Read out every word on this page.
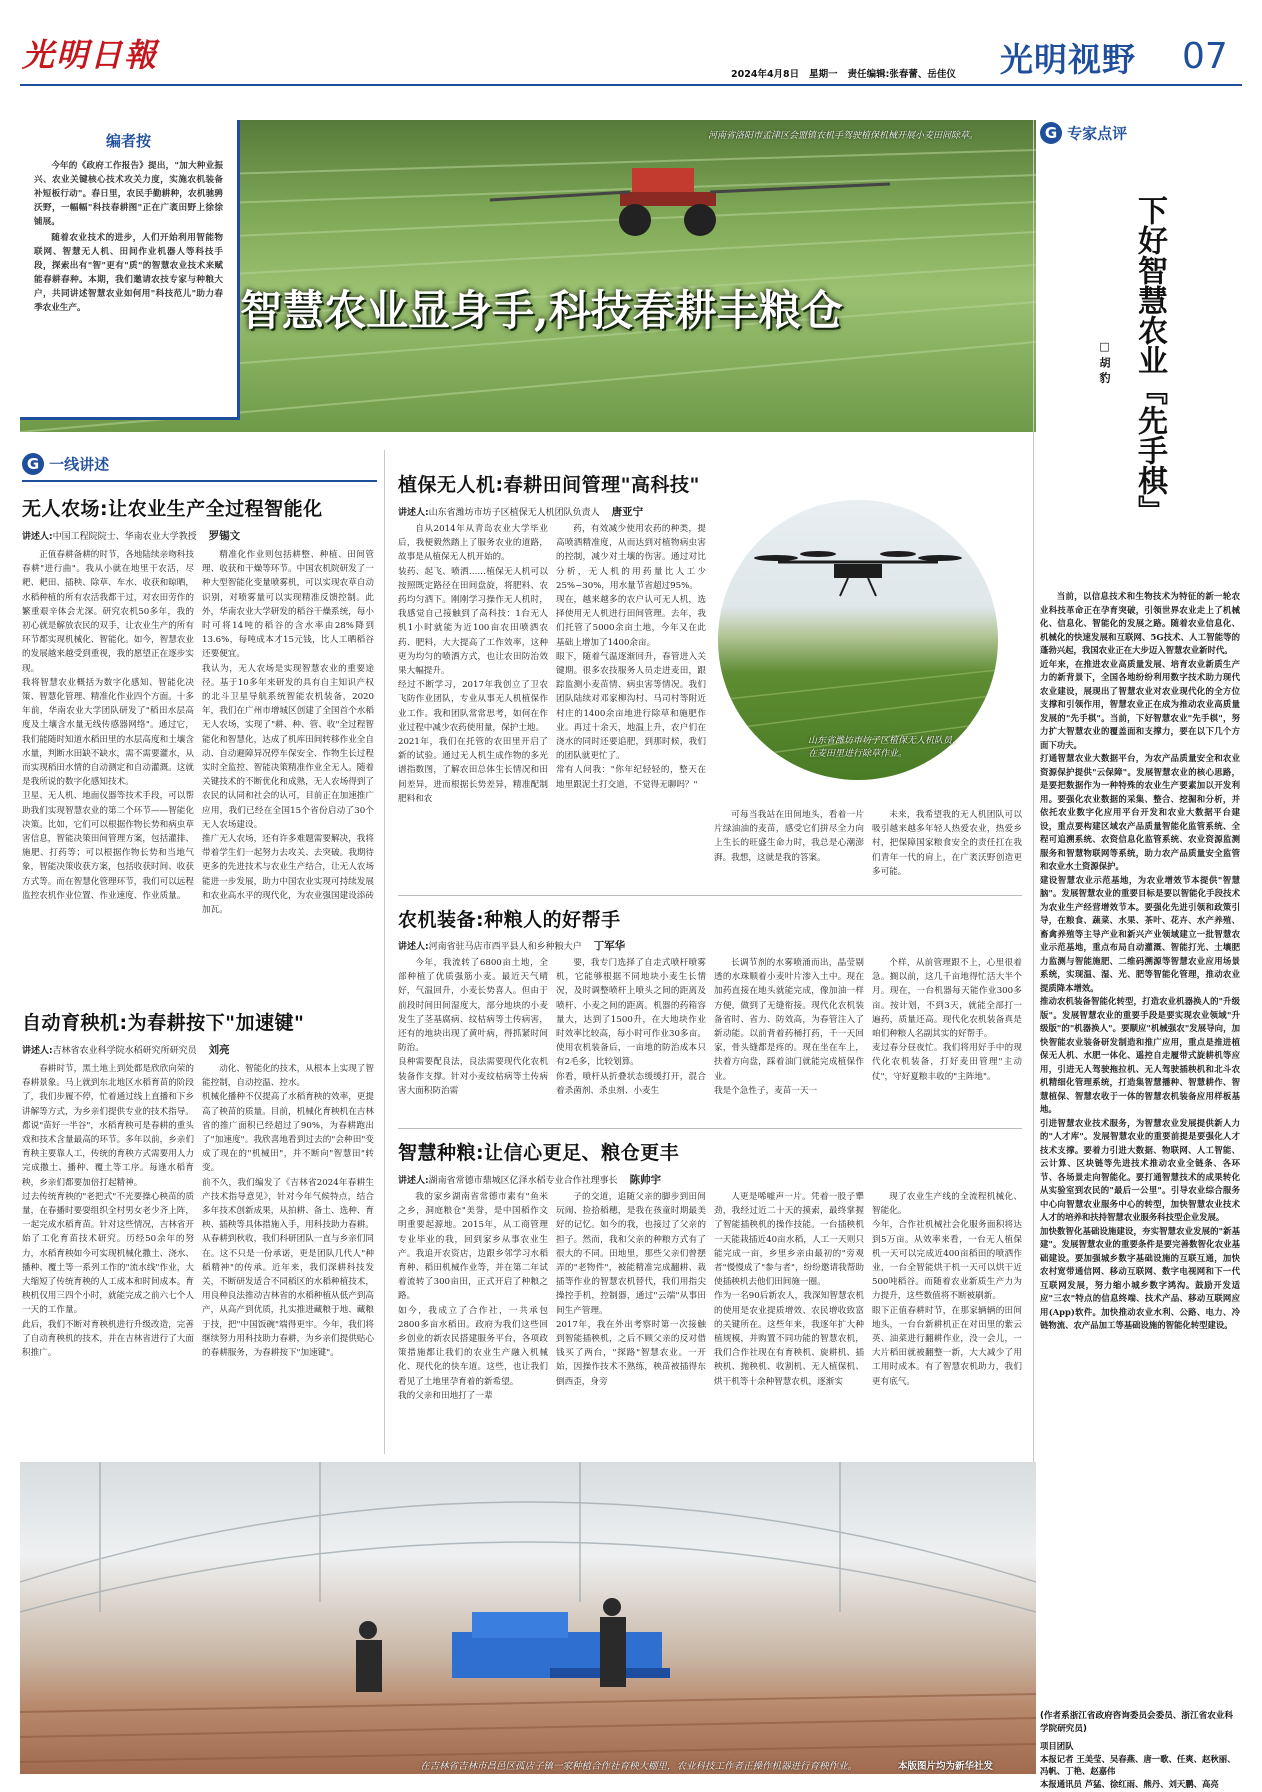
光明日報
2024年4月8日 星期一 责任编辑:张春蕾、岳佳仪 光明视野 07
河南省洛阳市孟津区会盟镇农机手驾驶植保机械开展小麦田间除草。
智慧农业显身手,科技春耕丰粮仓
编者按
今年的《政府工作报告》提出，"加大种业振兴、农业关键核心技术攻关力度，实施农机装备补短板行动"。春日里，农民手勤耕种，农机驰骋沃野，一幅幅"科技春耕图"正在广袤田野上徐徐铺展。
随着农业技术的进步，人们开始利用智能物联网、智慧无人机、田间作业机器人等科技手段，探索出有"智"更有"质"的智慧农业技术来赋能春耕春种。本期，我们邀请农技专家与种粮大户，共同讲述智慧农业如何用"科技范儿"助力春季农业生产。
G 专家点评
下好智慧农业『先手棋』
□ 胡 豹
当前，以信息技术和生物技术为特征的新一轮农业科技革命正在孕育突破，引领世界农业走上了机械化、信息化、智能化的发展之路。随着农业信息化、机械化的快速发展和互联网、5G技术、人工智能等的蓬勃兴起，我国农业正在大步迈入智慧农业新时代。
近年来，在推进农业高质量发展、培育农业新质生产力的新背景下，全国各地纷纷利用数字技术助力现代农业建设，展现出了智慧农业对农业现代化的全方位支撑和引领作用，智慧农业正在成为推动农业高质量发展的"先手棋"。当前，下好智慧农业"先手棋"，努力扩大智慧农业的覆盖面和支撑力，要在以下几个方面下功夫。
打通智慧农业大数据平台，为农产品质量安全和农业资源保护提供"云保障"。发展智慧农业的核心思路，是要把数据作为一种特殊的农业生产要素加以开发利用。要强化农业数据的采集、整合、挖掘和分析，并依托农业数字化应用平台开发和农业大数据平台建设，重点要构建区域农产品质量智能化监管系统、全程可追溯系统、农资信息化监管系统、农业资源监测服务和智慧物联网等系统，助力农产品质量安全监管和农业水土资源保护。
建设智慧农业示范基地，为农业增效节本提供"智慧脑"。发展智慧农业的重要目标是要以智能化手段技术为农业生产经营增效节本。要强化先进引领和政策引导，在粮食、蔬菜、水果、茶叶、花卉、水产养殖、畜禽养殖等主导产业和新兴产业领域建立一批智慧农业示范基地，重点布局自动灌溉、智能打光、土壤肥力监测与智能施肥、二维码溯源等智慧农业应用场景系统，实现温、湿、光、肥等智能化管理，推动农业提质降本增效。
推动农机装备智能化转型，打造农业机器换人的"升级版"。发展智慧农业的重要手段是要实现农业领域"升级版"的"机器换人"。要顺应"机械强农"发展导向，加快智能农业装备研发制造和推广应用，重点是推进植保无人机、水肥一体化、遥控自走履带式旋耕机等应用，引进无人驾驶拖拉机、无人驾驶插秧机和北斗农机精细化管理系统，打造集智慧播种、智慧耕作、智慧植保、智慧农收于一体的智慧农机装备应用样板基地。
引进智慧农业技术服务，为智慧农业发展提供新人力的"人才库"。发展智慧农业的重要前提是要强化人才技术支撑。要着力引进大数据、物联网、人工智能、云计算、区块链等先进技术推动农业全链条、各环节、各场景走向智能化。要打通智慧技术的成果转化从实验室到农民的"最后一公里"。引导农业综合服务中心向智慧农业服务中心的转型，加快智慧农业技术人才的培养和扶持智慧农业服务科技型企业发展。
加快数智化基础设施建设，夯实智慧农业发展的"新基建"。发展智慧农业的重要条件是要完善数智化农业基础建设。要加强城乡数字基础设施的互联互通，加快农村宽带通信网、移动互联网、数字电视网和下一代互联网发展，努力缩小城乡数字鸿沟。鼓励开发适应"三农"特点的信息终端、技术产品、移动互联网应用(App)软件。加快推动农业水利、公路、电力、冷链物流、农产品加工等基础设施的智能化转型建设。
(作者系浙江省政府咨询委员会委员、浙江省农业科学院研究员)
G 一线讲述
无人农场:让农业生产全过程智能化
讲述人:中国工程院院士、华南农业大学教授 罗锡文
正值春耕备耕的时节，各地陆续亲吻科技春耕"进行曲"。我从小就在地里干农活，尽耙、耙田、插秧、除草、车水、收获和晾晒，水稻种植的所有农活我都干过，对农田劳作的繁重艰辛体会尤深。研究农机50多年，我的初心就是解放农民的双手，让农业生产的所有环节都实现机械化、智能化。如今，智慧农业的发展越来越受到重视，我的愿望正在逐步实现。
我将智慧农业概括为数字化感知、智能化决策、智慧化管理、精准化作业四个方面。十多年前，华南农业大学团队研发了"稻田水层高度及土壤含水量无线传感器网络"。通过它，我们能随时知道水稻田里的水层高度和土壤含水量，判断水田缺不缺水，需不需要灌水，从而实现稻田水情的自动测定和自动灌溉。这就是我所说的数字化感知技术。
卫星、无人机、地面仪器等技术手段，可以帮助我们实现智慧农业的第二个环节——智能化决策。比如，它们可以根据作物长势和病虫草害信息，智能决策田间管理方案，包括灌排、施肥、打药等；可以根据作物长势和当地气象，智能决策收获方案，包括收获时间、收获方式等。而在智慧化管理环节，我们可以远程监控农机作业位置、作业速度、作业质量。
精准化作业则包括耕整、种植、田间管理、收获和干燥等环节。中国农机院研发了一种大型智能化变量喷雾机，可以实现农草自动识别，对喷雾量可以实现精准反馈控制。此外，华南农业大学研发的稻谷干燥系统，每小时可将14吨的稻谷的含水率由28%降到13.6%，每吨成本才15元钱，比人工晒稻谷还要便宜。
我认为，无人农场是实现智慧农业的重要途径。基于10多年来研发的具有自主知识产权的北斗卫星导航系统智能农机装备，2020年，我们在广州市增城区创建了全国首个水稻无人农场，实现了"耕、种、管、收"全过程智能化和智慧化，达成了机库田间转移作业全自动、自动避障异况停车保安全、作物生长过程实时全监控、智能决策精准作业全无人。随着关键技术的不断优化和成熟，无人农场得到了农民的认同和社会的认可，目前正在加速推广应用，我们已经在全国15个省份启动了30个无人农场建设。
推广无人农场，还有许多难题需要解决，我将带着学生们一起努力去攻关、去突破。我期待更多的先进技术与农业生产结合，让无人农场能进一步发展，助力中国农业实现可持续发展和农业高水平的现代化，为农业强国建设添砖加瓦。
自动育秧机:为春耕按下"加速键"
讲述人:吉林省农业科学院水稻研究所研究员 刘亮
春耕时节，黑土地上到处都是欣欣向荣的春耕景象。马上就到东北地区水稻育苗的阶段了，我们步履不停，忙着通过线上直播和下乡讲解等方式，为乡亲们提供专业的技术指导。
都说"苗好一半谷"，水稻育秧可是春耕的重头戏和技术含量最高的环节。多年以前，乡亲们育秧主要靠人工，传统的育秧方式需要用人力完成撒土、播种、覆土等工序。每逢水稻育秧，乡亲们都要加倍打起精神。
过去传统育秧的"老把式"不光要操心秧苗的质量，在春播时要耍组织全村男女老少齐上阵，一起完成水稻育苗。针对这些情况，吉林省开始了工化育苗技术研究。历经50余年的努力，水稻育秧如今可实现机械化撒土、浇水、播种、覆土等一系列工作的"流水线"作业，大大缩短了传统育秧的人工成本和时间成本。育秧机仅用三四个小时，就能完成之前六七个人一天的工作量。
此后，我们不断对育秧机进行升级改造，完善了自动育秧机的技术，并在吉林省进行了大面积推广。
动化、智能化的技术，从根本上实现了智能控制，自动控温、控水。
机械化播种不仅提高了水稻育秧的效率，更提高了秧苗的质量。目前，机械化育秧机在吉林省的推广面积已经超过了90%，为春耕跑出了"加速度"。我欣喜地看到过去的"会种田"变成了现在的"机械田"，并不断向"智慧田"转变。
前不久，我们编发了《吉林省2024年春耕生产技术指导意见》，针对今年气候特点，结合多年技术创新成果，从拍耕、备土、选种、育秧、插秧等具体措施入手，用科技助力春耕。
从春耕到秋收，我们科研团队一直与乡亲们同在。这不只是一份承诺，更是团队几代人"种稻精神"的传承。近年来，我们深耕科技发关，不断研发适合不同稻区的水稻种植技术，用良种良法推动吉林省的水稻种植从低产到高产，从高产到优质，扎实推进藏粮于地、藏粮于技，把"中国饭碗"端得更牢。今年，我们将继续努力用科技助力春耕，为乡亲们提供贴心的春耕服务，为春耕按下"加速键"。
植保无人机:春耕田间管理"高科技"
讲述人:山东省潍坊市坊子区植保无人机团队负责人 唐亚宁
自从2014年从青岛农业大学毕业后，我便毅然踏上了服务农业的道路，故事是从植保无人机开始的。
装药、起飞、喷洒……植保无人机可以按照既定路径在田间盘旋，将肥料、农药均匀洒下。刚刚学习操作无人机时，我感觉自己接触到了高科技：1台无人机1小时就能为近100亩农田喷洒农药、肥料，大大提高了工作效率，这种更为均匀的喷洒方式，也让农田防治效果大幅提升。
经过不断学习，2017年我创立了卫农飞防作业团队，专业从事无人机植保作业工作。我和团队常常思考，如何在作业过程中减少农药使用量，保护土地。
2021年，我们在托管的农田里开启了新的试验。通过无人机生成作物的多光谱指数图，了解农田总体生长情况和田间差异，进而根据长势差异，精准配制肥料和农
药，有效减少使用农药的种类，提高喷洒精准度，从而达到对植物病虫害的控制，减少对土壤的伤害。通过对比分析，无人机的用药量比人工少25%~30%，用水量节省超过95%。
现在，越来越多的农户认可无人机，选择使用无人机进行田间管理。去年，我们托管了5000余亩土地，今年又在此基础上增加了1400余亩。
眼下，随着气温逐渐回升，春管进入关键期。很多农技服务人员走进麦田，跟踪监测小麦苗情、病虫害等情况。我们团队陆续对邓家柳沟村、马司村等附近村庄的1400余亩地进行除草和施肥作业。再过十余天，地温上升，农户们在浇水的同时还要追肥，到那时候，我们的团队就更忙了。
常有人问我："你年纪轻轻的，整天在地里跟泥土打交道，不觉得无聊吗？"
山东省潍坊市坊子区植保无人机队员，在麦田里进行除草作业。
可每当我站在田间地头，看着一片片绿油油的麦苗，感受它们拼尽全力向上生长的旺盛生命力时，我总是心潮澎湃。我想，这就是我的答案。
未来，我希望我的无人机团队可以吸引越来越多年轻人热爱农业，热爱乡村，把保障国家粮食安全的责任扛在我们青年一代的肩上，在广袤沃野创造更多可能。
农机装备:种粮人的好帮手
讲述人:河南省驻马店市西平县人和乡种粮大户 丁军华
今年，我流转了6800亩土地，全部种植了优质强筋小麦。最近天气晴好，气温回升，小麦长势喜人。但由于前段时间田间湿度大，部分地块的小麦发生了茎基腐病、纹枯病等土传病害，还有的地块出现了黄叶病，得抓紧时间防治。
良种需要配良法，良法需要现代化农机装备作支撑。针对小麦纹枯病等土传病害大面积防治需
要，我专门选择了自走式喷杆喷雾机，它能够根据不同地块小麦生长情况，及时调整喷杆上喷头之间的距离及喷杆、小麦之间的距离。机器的药箱容量大，达到了1500升，在大地块作业时效率比较高，每小时可作业30多亩。使用农机装备后，一亩地的防治成本只有2毛多，比较划算。
你看，喷杆从折叠状态缓缓打开，混合着杀菌剂、杀虫剂、小麦生
长调节剂的水雾喷涌而出，晶莹剔透的水珠顺着小麦叶片渗入土中。现在加药直接在地头就能完成，像加油一样方便，做到了无缝衔接。现代化农机装备省时、省力、防效高，为春管注入了新动能。以前背着药桶打药，千一天回家，骨头缝都是疼的。现在坐在车上，扶着方向盘，踩着油门就能完成植保作业。
我是个急性子，麦苗一天一
个样，从前管理跟不上，心里很着急。搁以前，这几千亩地得忙活大半个月。现在，一台机器每天能作业300多亩。按计划，不到3天，就能全部打一遍药，质量还高。现代化农机装备真是咱们种粮人名副其实的好帮手。
麦过春分昼夜忙。我们将用好手中的现代化农机装备，打好麦田管理"主动仗"，守好夏粮丰收的"主阵地"。
智慧种粮:让信心更足、粮仓更丰
讲述人:湖南省常德市鼎城区亿泽水稻专业合作社理事长 陈帅宇
我的家乡湖南省常德市素有"鱼米之乡，洞庭粮仓"美誉，是中国稻作文明重要起源地。2015年，从工商管理专业毕业的我，回到家乡从事农业生产。我追开农资店，边跟乡邻学习水稻育种、稻田机械作业等，并在第二年试着流转了300亩田，正式开启了种粮之路。
如今，我成立了合作社，一共承包2800多亩水稻田。政府为我们这些回乡创业的新农民搭建服务平台，各项政策措施都让我们的农业生产融入机械化、现代化的快车道。这些，也让我们看见了土地里孕育着的新希望。
我的父亲和田地打了一辈
子的交道，追随父亲的脚步到田间玩闹、捡拾稻穗，是我在孩童时期最美好的记忆。如今的我，也接过了父亲的担子。然而，我和父亲的种粮方式有了很大的不同。田地里，那些父亲们曾摆弄的"老物件"，被能精准完成翻耕、栽插等作业的智慧农机替代，我们用指尖操控手机，控制器，通过"云端"从事田间生产管理。
2017年，我在外出考察时第一次接触到智能插秧机，之后不顾父亲的反对借钱买了两台，"探路"智慧农业。一开始，因操作技术不熟练，秧苗被插得东倒西歪，身旁
人更是唏嘘声一片。凭着一股子犟劲，我经过近二十天的摸索，最终掌握了智能插秧机的操作技能。一台插秧机一天能栽插近40亩水稻，人工一天则只能完成一亩，乡里乡亲由最初的"旁观者"慢慢成了"参与者"，纷纷邀请我帮助使插秧机去他们田间施一圈。
作为一名90后新农人，我深知智慧农机的使用是农业提质增效、农民增收致富的关键所在。这些年来，我逐年扩大种植规模，并购置不同功能的智慧农机，我们合作社现在有育秧机、旋耕机、插秧机、抛秧机、收割机、无人植保机、烘干机等十余种智慧农机，逐渐实
现了农业生产线的全流程机械化、智能化。
今年，合作社机械社会化服务面积将达到5万亩。从效率来看，一台无人植保机一天可以完成近400亩稻田的喷洒作业，一台全智能烘干机一天可以烘干近500吨稻谷。而随着农业新质生产力为力提升，这些数值将不断被刷新。
眼下正值春耕时节，在那家辆辆的田间地头，一台台新耕机正在对田里的紫云英、油菜进行翻耕作业，没一会儿，一大片稻田就被翻整一新，大大减少了用工用时成本。有了智慧农机助力，我们更有底气。
在吉林省吉林市昌邑区孤店子镇一家种植合作社育秧大棚里，农业科技工作者正操作机器进行育秧作业。	本版图片均为新华社发
项目团队
本报记者 王美莹、吴春燕、唐一歌、任爽、赵秋丽、冯帆、丁艳、赵嘉伟
本报通讯员 芦猛、徐红雨、熊丹、刘天鹏、高亮
